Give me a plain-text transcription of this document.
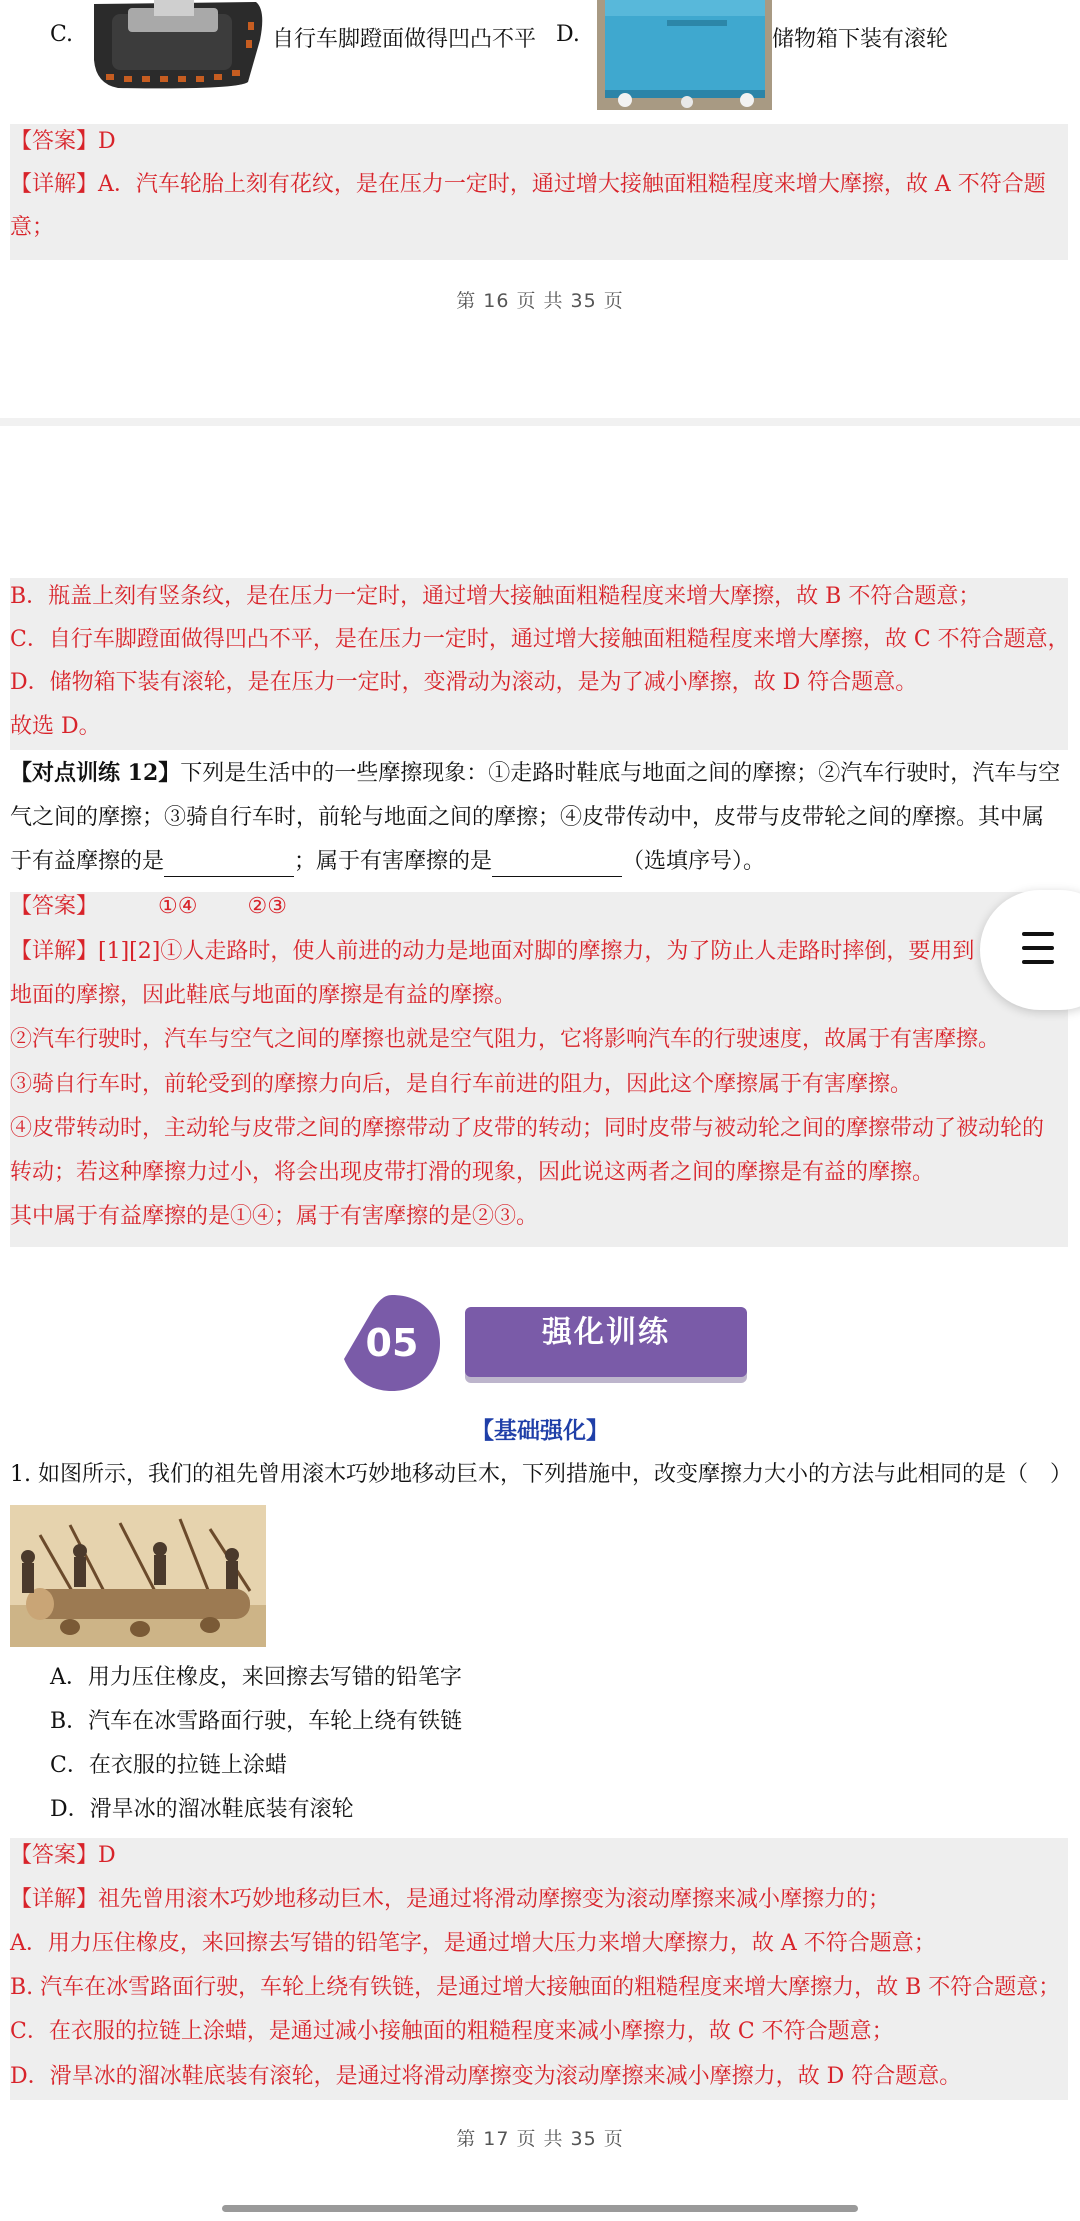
C.	自行车脚蹬面做得凹凸不平 D.	储物箱下装有滚轮
【答案】D
【详解】A．汽车轮胎上刻有花纹，是在压力一定时，通过增大接触面粗糙程度来增大摩擦，故 A 不符合题
意；
第 16 页 共 35 页
B．瓶盖上刻有竖条纹，是在压力一定时，通过增大接触面粗糙程度来增大摩擦，故 B 不符合题意；
C．自行车脚蹬面做得凹凸不平，是在压力一定时，通过增大接触面粗糙程度来增大摩擦，故 C 不符合题意，
D．储物箱下装有滚轮，是在压力一定时，变滑动为滚动，是为了减小摩擦，故 D 符合题意。
故选 D。
【对点训练 12】下列是生活中的一些摩擦现象：①走路时鞋底与地面之间的摩擦；②汽车行驶时，汽车与空
气之间的摩擦；③骑自行车时，前轮与地面之间的摩擦；④皮带传动中，皮带与皮带轮之间的摩擦。其中属
于有益摩擦的是	；属于有害摩擦的是	（选填序号）。
【答案】	①④ ②③
【详解】[1][2]①人走路时，使人前进的动力是地面对脚的摩擦力，为了防止人走路时摔倒，要用到
地面的摩擦，因此鞋底与地面的摩擦是有益的摩擦。
②汽车行驶时，汽车与空气之间的摩擦也就是空气阻力，它将影响汽车的行驶速度，故属于有害摩擦。
③骑自行车时，前轮受到的摩擦力向后，是自行车前进的阻力，因此这个摩擦属于有害摩擦。
④皮带转动时，主动轮与皮带之间的摩擦带动了皮带的转动；同时皮带与被动轮之间的摩擦带动了被动轮的
转动；若这种摩擦力过小，将会出现皮带打滑的现象，因此说这两者之间的摩擦是有益的摩擦。
其中属于有益摩擦的是①④；属于有害摩擦的是②③。
05	强化训练
【基础强化】
1. 如图所示，我们的祖先曾用滚木巧妙地移动巨木，下列措施中，改变摩擦力大小的方法与此相同的是（　）
A．用力压住橡皮，来回擦去写错的铅笔字
B．汽车在冰雪路面行驶，车轮上绕有铁链
C．在衣服的拉链上涂蜡
D．滑旱冰的溜冰鞋底装有滚轮
【答案】D
【详解】祖先曾用滚木巧妙地移动巨木，是通过将滑动摩擦变为滚动摩擦来减小摩擦力的；
A．用力压住橡皮，来回擦去写错的铅笔字，是通过增大压力来增大摩擦力，故 A 不符合题意；
B. 汽车在冰雪路面行驶，车轮上绕有铁链，是通过增大接触面的粗糙程度来增大摩擦力，故 B 不符合题意；
C．在衣服的拉链上涂蜡，是通过减小接触面的粗糙程度来减小摩擦力，故 C 不符合题意；
D．滑旱冰的溜冰鞋底装有滚轮，是通过将滑动摩擦变为滚动摩擦来减小摩擦力，故 D 符合题意。
第 17 页 共 35 页
